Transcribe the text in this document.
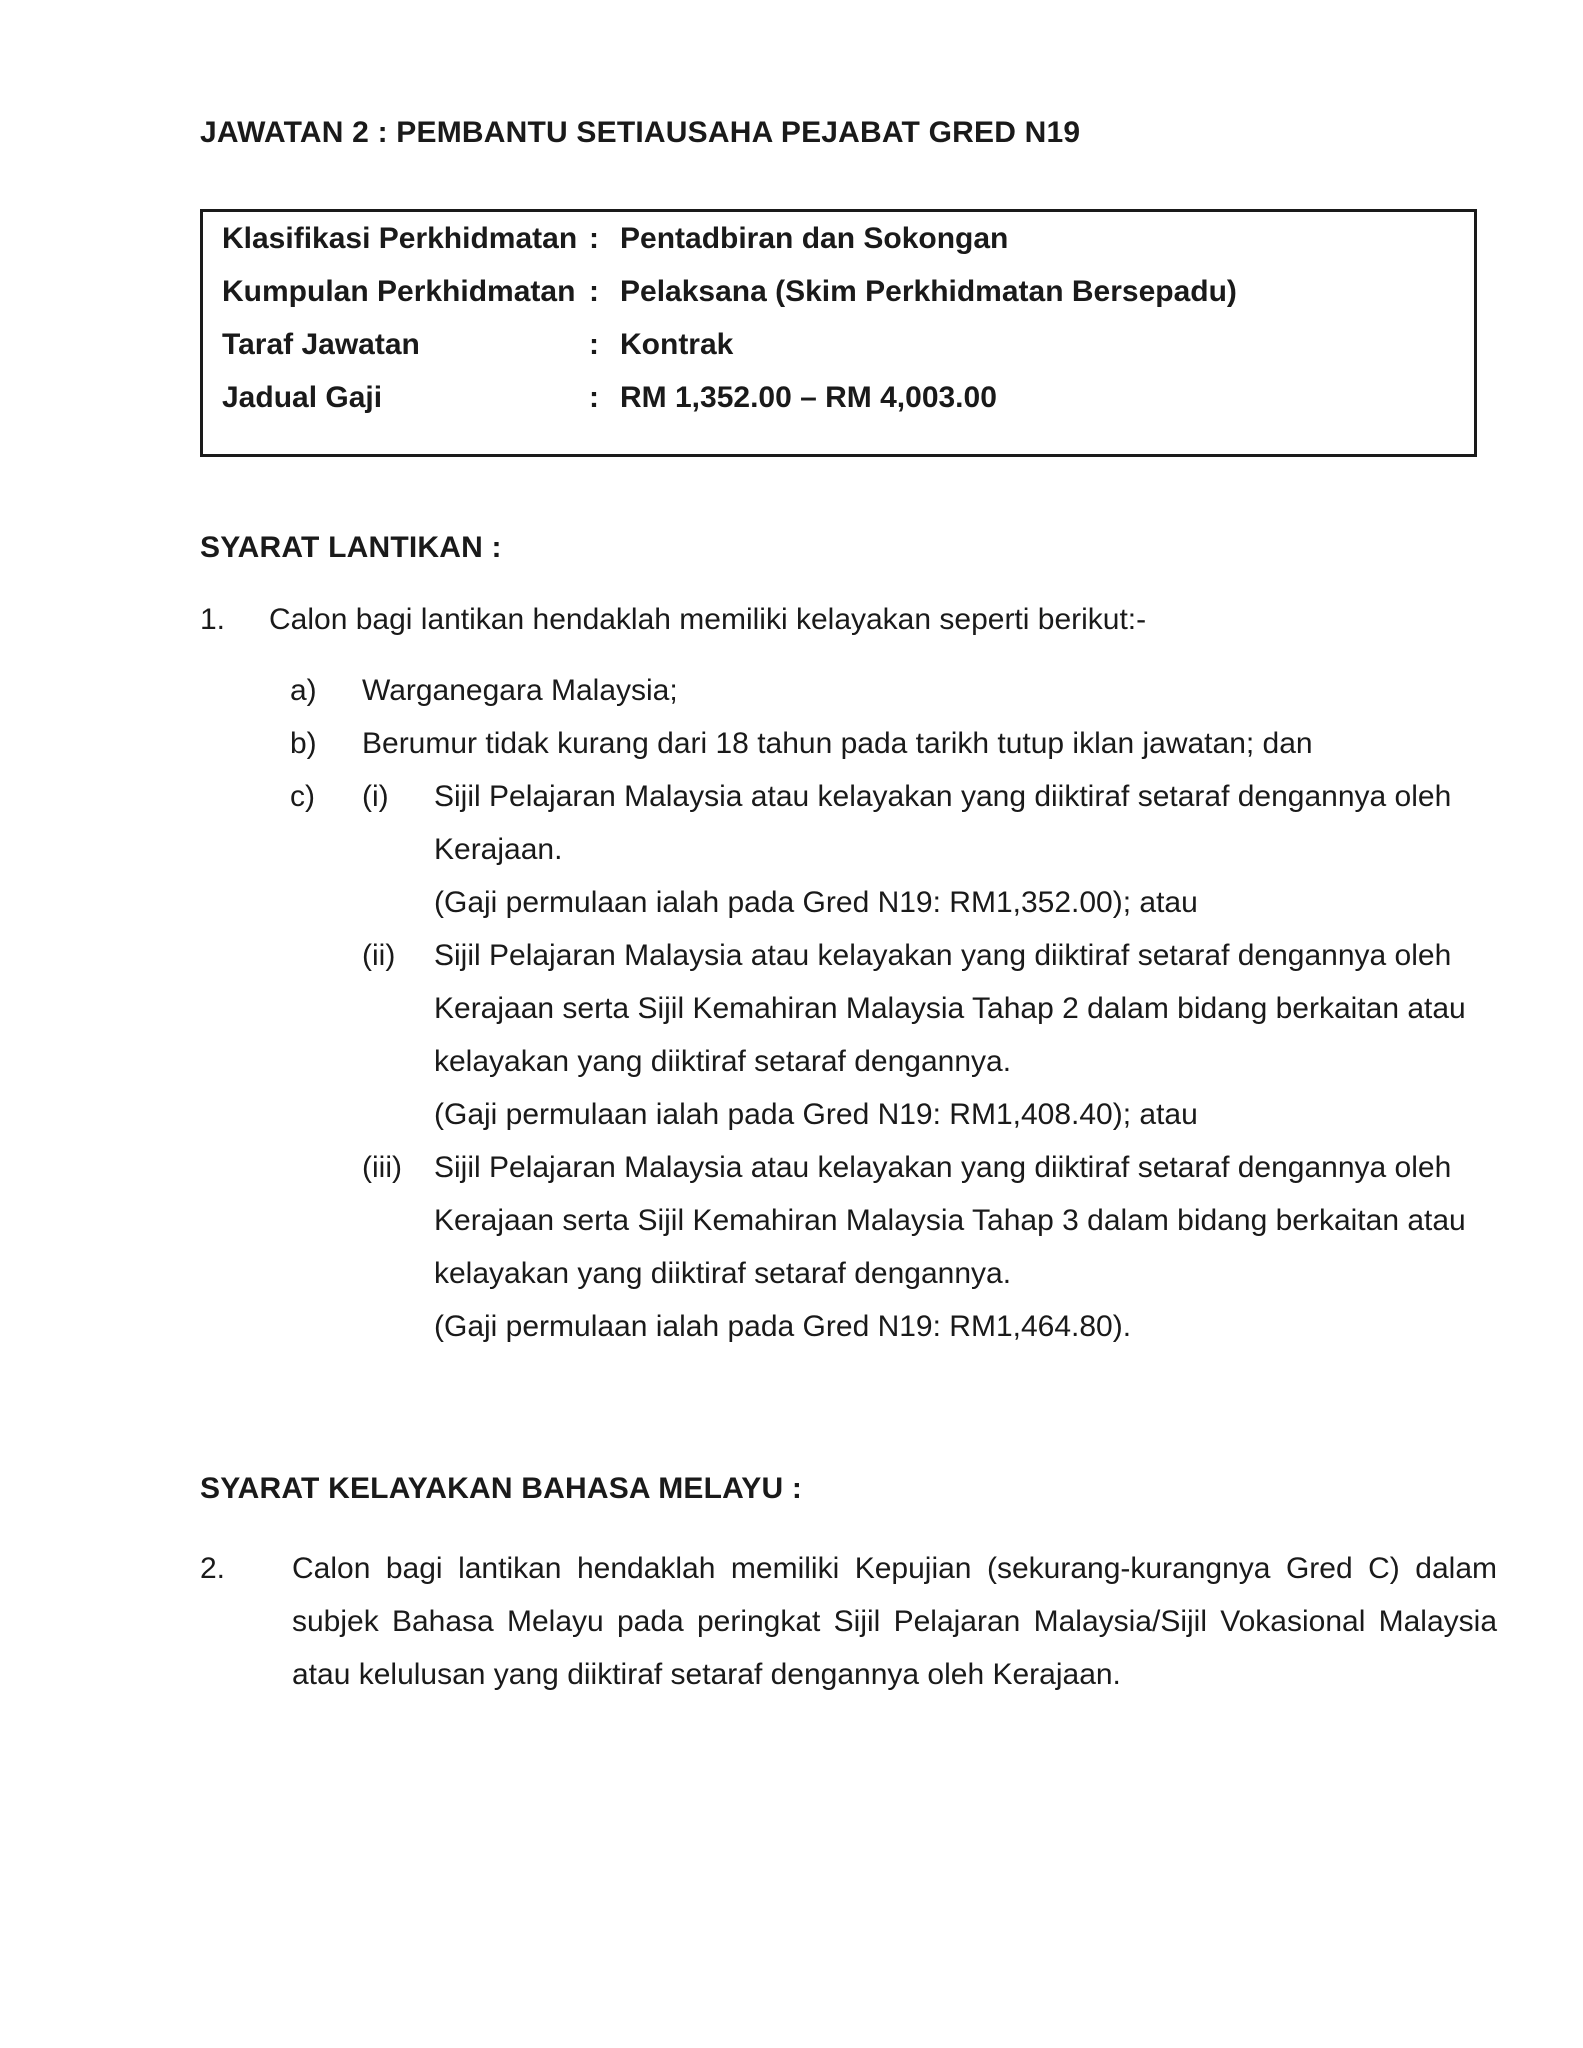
JAWATAN 2 : PEMBANTU SETIAUSAHA PEJABAT GRED N19
Klasifikasi Perkhidmatan : Pentadbiran dan Sokongan
Kumpulan Perkhidmatan : Pelaksana (Skim Perkhidmatan Bersepadu)
Taraf Jawatan	: Kontrak
Jadual Gaji	: RM 1,352.00 – RM 4,003.00
SYARAT LANTIKAN :
1. Calon bagi lantikan hendaklah memiliki kelayakan seperti berikut:-
a) Warganegara Malaysia;
b) Berumur tidak kurang dari 18 tahun pada tarikh tutup iklan jawatan; dan
c) (i) Sijil Pelajaran Malaysia atau kelayakan yang diiktiraf setaraf dengannya oleh
Kerajaan.
(Gaji permulaan ialah pada Gred N19: RM1,352.00); atau
(ii) Sijil Pelajaran Malaysia atau kelayakan yang diiktiraf setaraf dengannya oleh
Kerajaan serta Sijil Kemahiran Malaysia Tahap 2 dalam bidang berkaitan atau
kelayakan yang diiktiraf setaraf dengannya.
(Gaji permulaan ialah pada Gred N19: RM1,408.40); atau
(iii) Sijil Pelajaran Malaysia atau kelayakan yang diiktiraf setaraf dengannya oleh
Kerajaan serta Sijil Kemahiran Malaysia Tahap 3 dalam bidang berkaitan atau
kelayakan yang diiktiraf setaraf dengannya.
(Gaji permulaan ialah pada Gred N19: RM1,464.80).
SYARAT KELAYAKAN BAHASA MELAYU :
2. Calon bagi lantikan hendaklah memiliki Kepujian (sekurang-kurangnya Gred C) dalam
subjek Bahasa Melayu pada peringkat Sijil Pelajaran Malaysia/Sijil Vokasional Malaysia
atau kelulusan yang diiktiraf setaraf dengannya oleh Kerajaan.
